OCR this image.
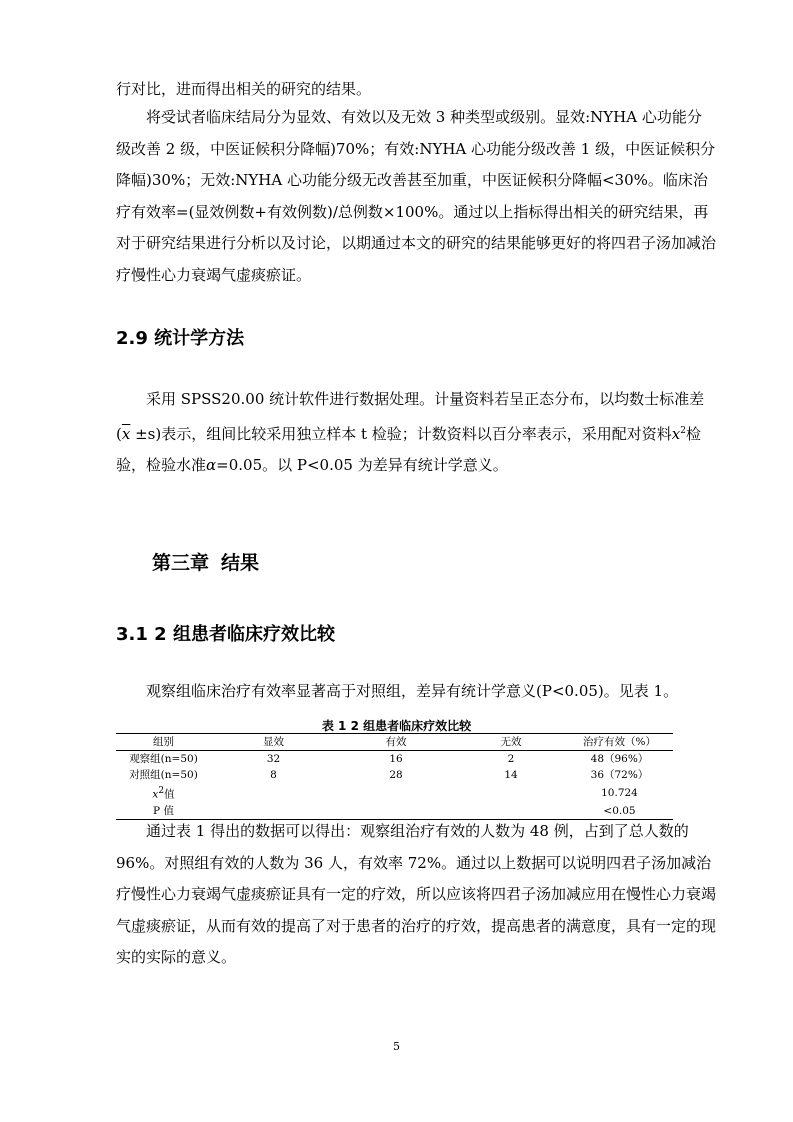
行对比，进而得出相关的研究的结果。

　　将受试者临床结局分为显效、有效以及无效 3 种类型或级别。显效:NYHA 心功能分级改善 2 级，中医证候积分降幅)70%；有效:NYHA 心功能分级改善 1 级，中医证候积分降幅)30%；无效:NYHA 心功能分级无改善甚至加重，中医证候积分降幅<30%。临床治疗有效率=(显效例数+有效例数)/总例数×100%。通过以上指标得出相关的研究结果，再对于研究结果进行分析以及讨论，以期通过本文的研究的结果能够更好的将四君子汤加减治疗慢性心力衰竭气虚痰瘀证。

2.9 统计学方法

　　采用 SPSS20.00 统计软件进行数据处理。计量资料若呈正态分布，以均数士标准差$(\overline{x} \pm s)$表示，组间比较采用独立样本 t 检验；计数资料以百分率表示，采用配对资料$x^2$检验，检验水准α=0.05。以 P<0.05 为差异有统计学意义。

第三章 结果
3.1 2 组患者临床疗效比较

　　观察组临床治疗有效率显著高于对照组，差异有统计学意义(P<0.05)。见表 1。

表 1 2 组患者临床疗效比较

组别	显效	有效	无效	治疗有效（%）
观察组(n=50)	32	16	2	48（96%）
对照组(n=50)	8	28	14	36（72%）
$x^2$值				10.724
P 值				<0.05

　　通过表 1 得出的数据可以得出：观察组治疗有效的人数为 48 例，占到了总人数的 96%。对照组有效的人数为 36 人，有效率 72%。通过以上数据可以说明四君子汤加减治疗慢性心力衰竭气虚痰瘀证具有一定的疗效，所以应该将四君子汤加减应用在慢性心力衰竭气虚痰瘀证，从而有效的提高了对于患者的治疗的疗效，提高患者的满意度，具有一定的现实的实际的意义。

5
